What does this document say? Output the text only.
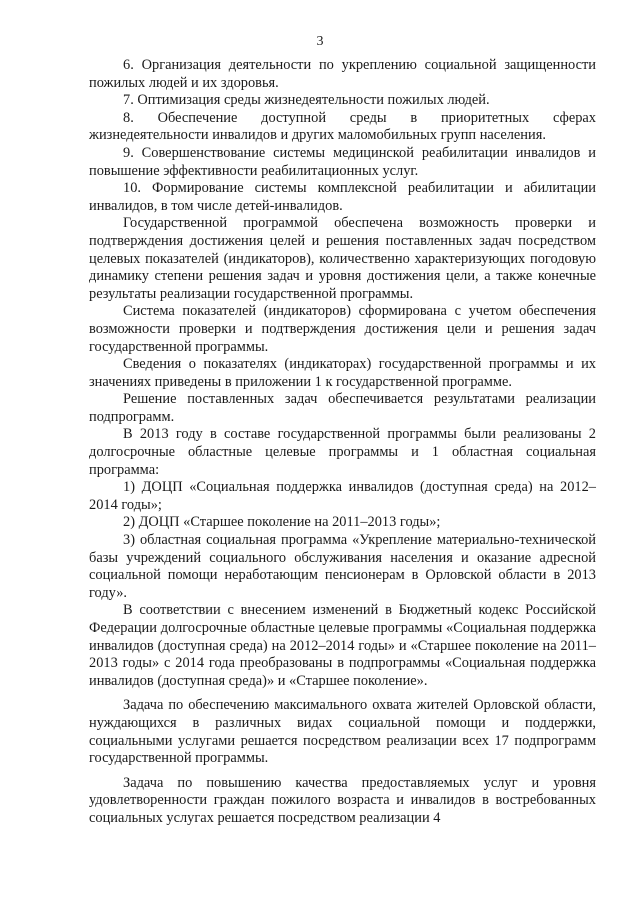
3

6. Организация деятельности по укреплению социальной защищенности пожилых людей и их здоровья.

7. Оптимизация среды жизнедеятельности пожилых людей.

8. Обеспечение доступной среды в приоритетных сферах жизнедеятельности инвалидов и других маломобильных групп населения.

9. Совершенствование системы медицинской реабилитации инвалидов и повышение эффективности реабилитационных услуг.

10. Формирование системы комплексной реабилитации и абилитации инвалидов, в том числе детей-инвалидов.

Государственной программой обеспечена возможность проверки и подтверждения достижения целей и решения поставленных задач посредством целевых показателей (индикаторов), количественно характеризующих погодовую динамику степени решения задач и уровня достижения цели, а также конечные результаты реализации государственной программы.

Система показателей (индикаторов) сформирована с учетом обеспечения возможности проверки и подтверждения достижения цели и решения задач государственной программы.

Сведения о показателях (индикаторах) государственной программы и их значениях приведены в приложении 1 к государственной программе.

Решение поставленных задач обеспечивается результатами реализации подпрограмм.

В 2013 году в составе государственной программы были реализованы 2 долгосрочные областные целевые программы и 1 областная социальная программа:

1) ДОЦП «Социальная поддержка инвалидов (доступная среда) на 2012–2014 годы»;

2) ДОЦП «Старшее поколение на 2011–2013 годы»;

3) областная социальная программа «Укрепление материально-технической базы учреждений социального обслуживания населения и оказание адресной социальной помощи неработающим пенсионерам в Орловской области в 2013 году».

В соответствии с внесением изменений в Бюджетный кодекс Российской Федерации долгосрочные областные целевые программы «Социальная поддержка инвалидов (доступная среда) на 2012–2014 годы» и «Старшее поколение на 2011–2013 годы» с 2014 года преобразованы в подпрограммы «Социальная поддержка инвалидов (доступная среда)» и «Старшее поколение».

Задача по обеспечению максимального охвата жителей Орловской области, нуждающихся в различных видах социальной помощи и поддержки, социальными услугами решается посредством реализации всех 17 подпрограмм государственной программы.

Задача по повышению качества предоставляемых услуг и уровня удовлетворенности граждан пожилого возраста и инвалидов в востребованных социальных услугах решается посредством реализации 4
